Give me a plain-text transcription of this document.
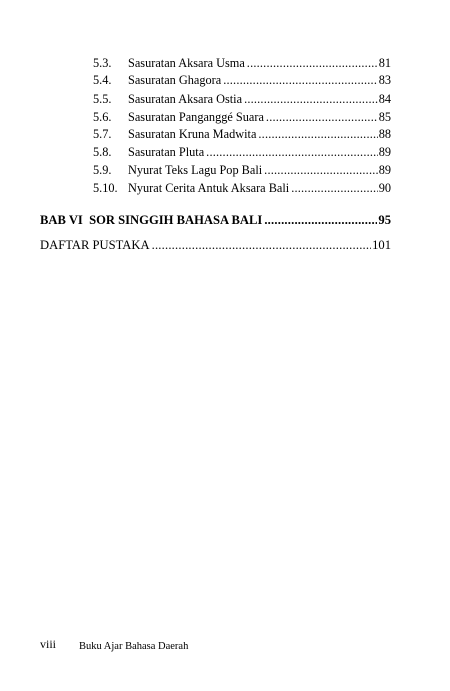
5.3.	Sasuratan Aksara Usma .....	81
5.4.	Sasuratan Ghagora .....	83
5.5.	Sasuratan Aksara Ostia .....	84
5.6.	Sasuratan Panganggé Suara .....	85
5.7.	Sasuratan Kruna Madwita .....	88
5.8.	Sasuratan Pluta .....	89
5.9.	Nyurat Teks Lagu Pop Bali .....	89
5.10. Nyurat Cerita Antuk Aksara Bali .....	90
BAB VI  SOR SINGGIH BAHASA BALI .....	95
DAFTAR PUSTAKA .....	101
viii	Buku Ajar Bahasa Daerah
